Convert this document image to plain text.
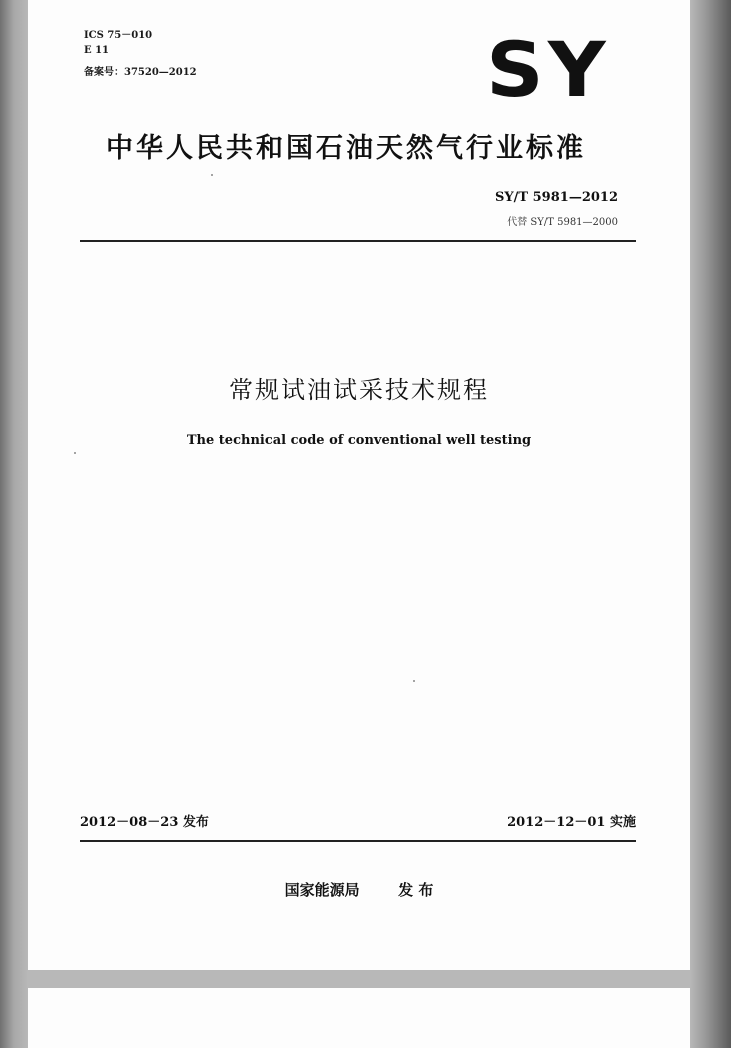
ICS 75－010
E 11
备案号：37520—2012	SY
中华人民共和国石油天然气行业标准
SY/T 5981—2012
代替 SY/T 5981—2000
常规试油试采技术规程
The technical code of conventional well testing
2012－08－23 发布	2012－12－01 实施
国家能源局	发 布
